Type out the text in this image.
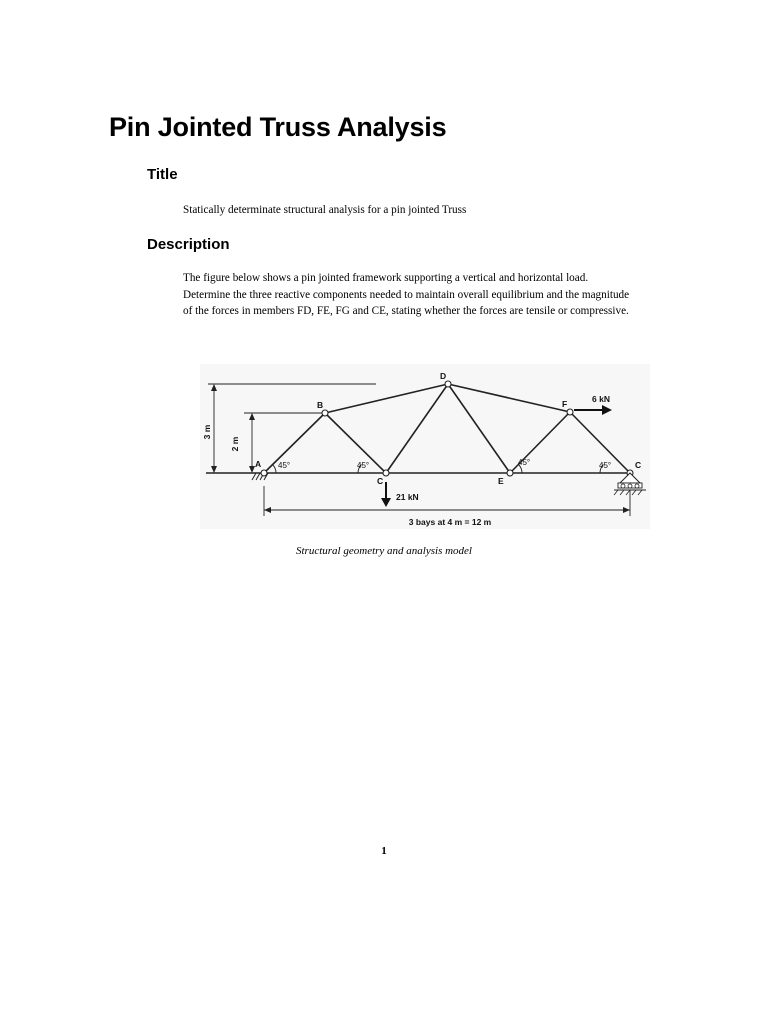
Pin Jointed Truss Analysis
Title
Statically determinate structural analysis for a pin jointed Truss
Description
The figure below shows a pin jointed framework supporting a vertical and horizontal load. Determine the three reactive components needed to maintain overall equilibrium and the magnitude of the forces in members FD, FE, FG and CE, stating whether the forces are tensile or compressive.
3 m
2 m
3 bays at 4 m = 12 m
45°	45°	45°	45°
21 kN
6 kN
A
B
C
D
E
F
C
Structural geometry and analysis model
1
